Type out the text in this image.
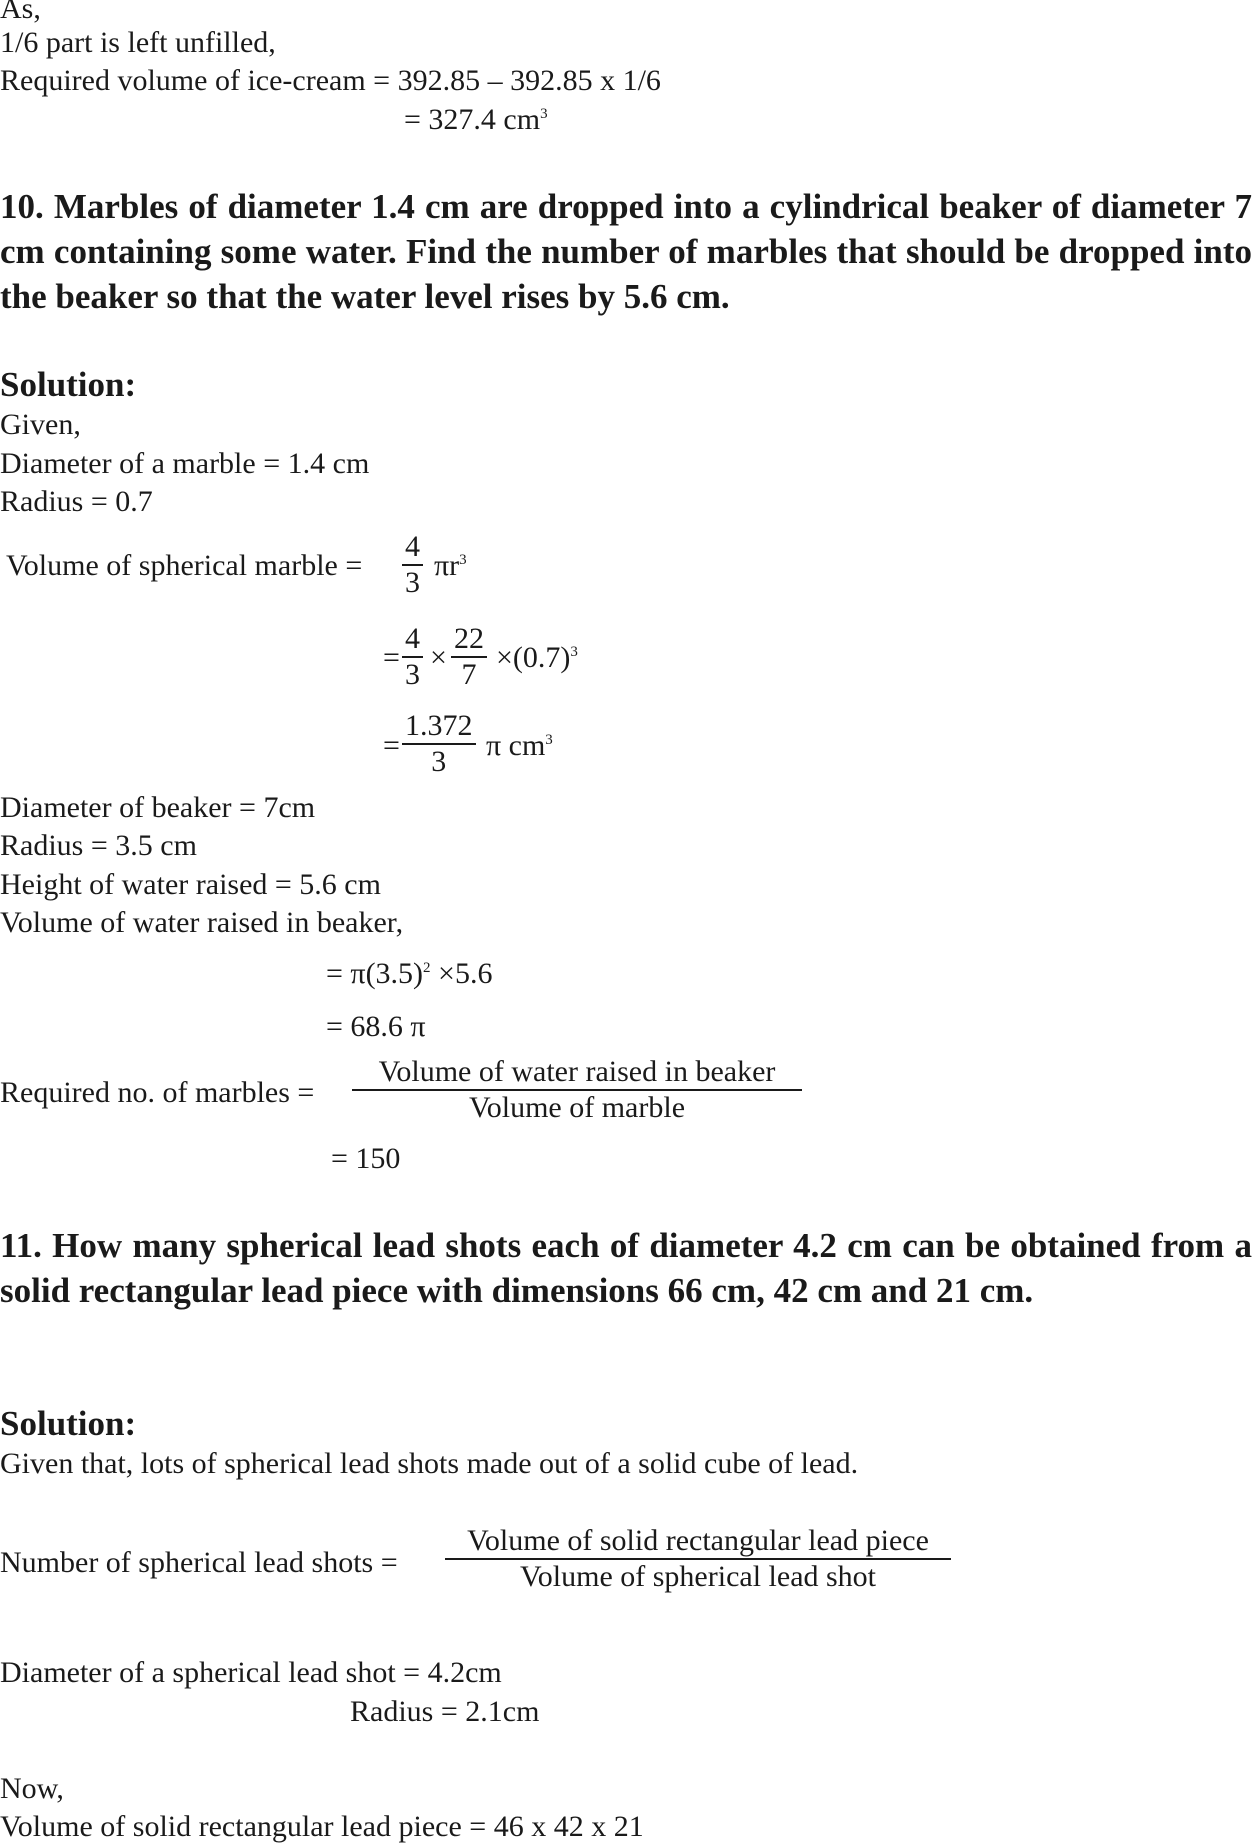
As,
1/6 part is left unfilled,
Required volume of ice-cream = 392.85 – 392.85 x 1/6
= 327.4 $cm^3$
10. Marbles of diameter 1.4 cm are dropped into a cylindrical beaker of diameter 7 cm containing some water. Find the number of marbles that should be dropped into the beaker so that the water level rises by 5.6 cm.
Solution:
Given,
Diameter of a marble = 1.4 cm
Radius = 0.7
Volume of spherical marble = $\frac{4}{3} \pi r^3$
= $\frac{4}{3} \times \frac{22}{7} \times(0.7)^3$
= $\frac{1.372}{3}$ π $cm^3$
Diameter of beaker = 7cm
Radius = 3.5 cm
Height of water raised = 5.6 cm
Volume of water raised in beaker,
= $\pi(3.5)^2 \times 5.6$
= 68.6 π
Required no. of marbles =
Volume of water raised in beaker
Volume of marble
= 150
11. How many spherical lead shots each of diameter 4.2 cm can be obtained from a solid rectangular lead piece with dimensions 66 cm, 42 cm and 21 cm.
Solution:
Given that, lots of spherical lead shots made out of a solid cube of lead.
Number of spherical lead shots =
Volume of solid rectangular lead piece
Volume of spherical lead shot
Diameter of a spherical lead shot = 4.2cm
Radius = 2.1cm
Now,
Volume of solid rectangular lead piece = 46 x 42 x 21
